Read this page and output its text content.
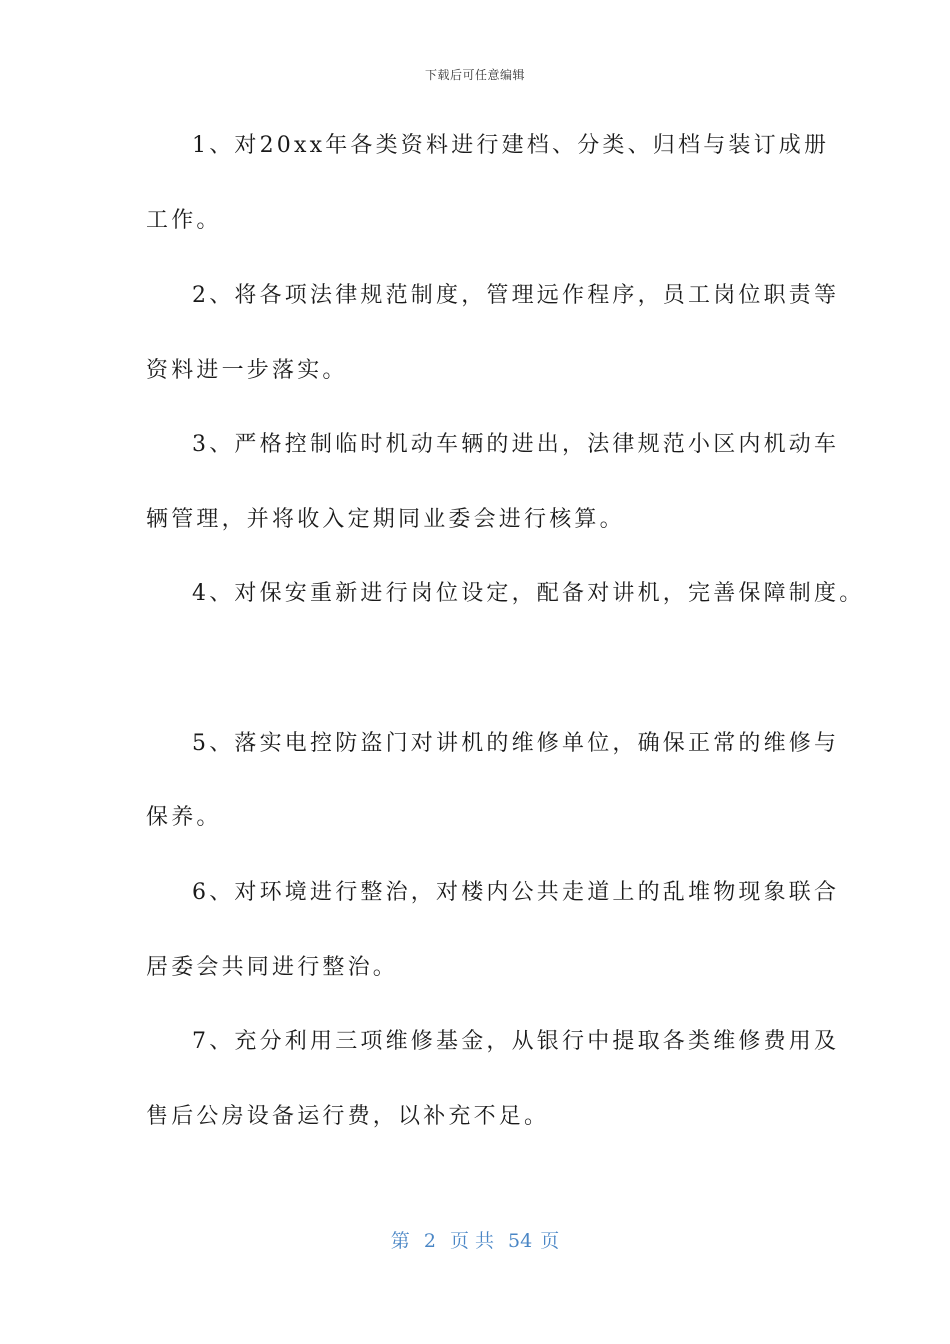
下载后可任意编辑
1、对20xx年各类资料进行建档、分类、归档与装订成册
工作。
2、将各项法律规范制度，管理远作程序，员工岗位职责等
资料进一步落实。
3、严格控制临时机动车辆的进出，法律规范小区内机动车
辆管理，并将收入定期同业委会进行核算。
4、对保安重新进行岗位设定，配备对讲机，完善保障制度。
5、落实电控防盗门对讲机的维修单位，确保正常的维修与
保养。
6、对环境进行整治，对楼内公共走道上的乱堆物现象联合
居委会共同进行整治。
7、充分利用三项维修基金，从银行中提取各类维修费用及
售后公房设备运行费，以补充不足。
第 2 页 共 54 页
